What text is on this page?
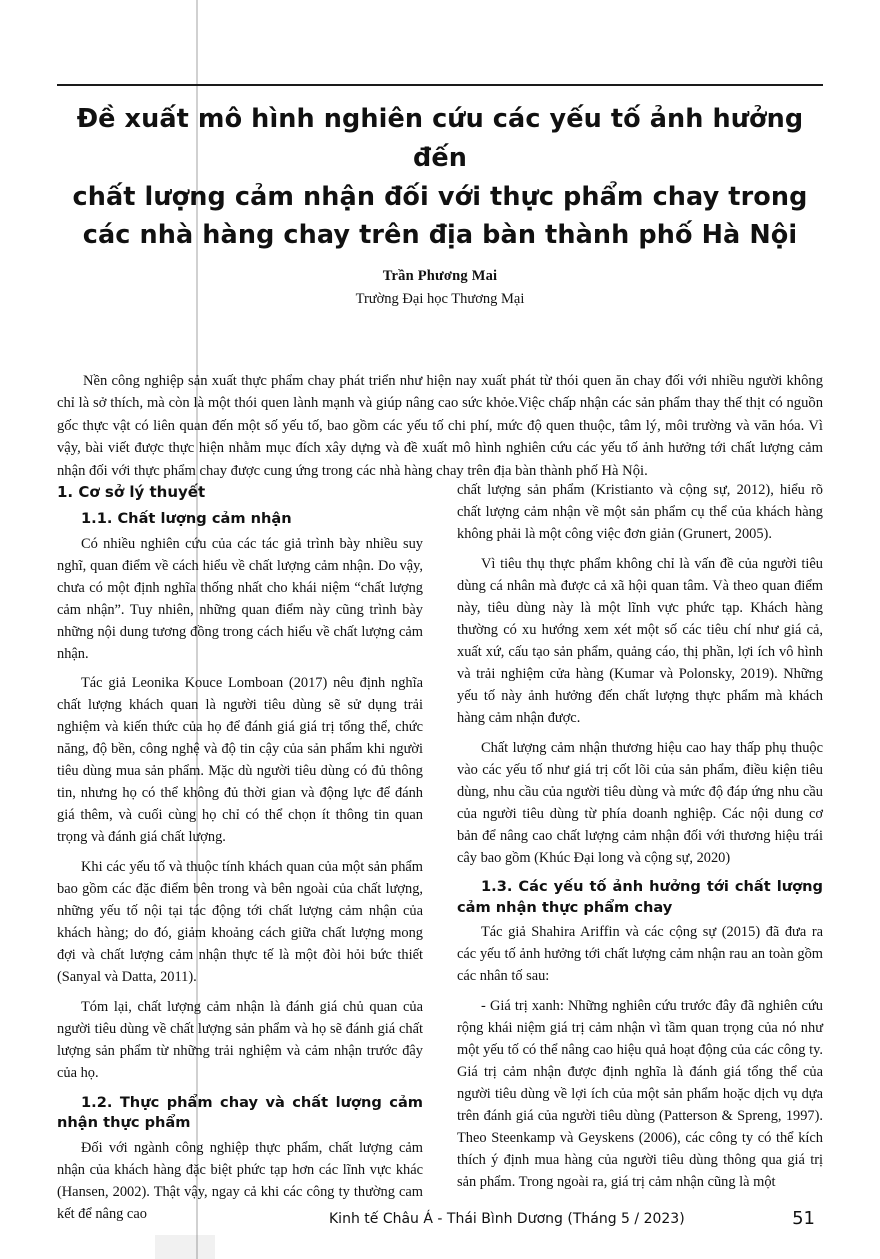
Đề xuất mô hình nghiên cứu các yếu tố ảnh hưởng đến
chất lượng cảm nhận đối với thực phẩm chay trong
các nhà hàng chay trên địa bàn thành phố Hà Nội
Trần Phương Mai
Trường Đại học Thương Mại
Nền công nghiệp sản xuất thực phẩm chay phát triển như hiện nay xuất phát từ thói quen ăn chay đối với nhiều người không chỉ là sở thích, mà còn là một thói quen lành mạnh và giúp nâng cao sức khỏe.Việc chấp nhận các sản phẩm thay thế thịt có nguồn gốc thực vật có liên quan đến một số yếu tố, bao gồm các yếu tố chi phí, mức độ quen thuộc, tâm lý, môi trường và văn hóa. Vì vậy, bài viết được thực hiện nhằm mục đích xây dựng và đề xuất mô hình nghiên cứu các yếu tố ảnh hưởng tới chất lượng cảm nhận đối với thực phẩm chay được cung ứng trong các nhà hàng chay trên địa bàn thành phố Hà Nội.
1. Cơ sở lý thuyết
1.1. Chất lượng cảm nhận

Có nhiều nghiên cứu của các tác giả trình bày nhiều suy nghĩ, quan điểm về cách hiểu về chất lượng cảm nhận. Do vậy, chưa có một định nghĩa thống nhất cho khái niệm “chất lượng cảm nhận”. Tuy nhiên, những quan điểm này cũng trình bày những nội dung tương đồng trong cách hiểu về chất lượng cảm nhận.

Tác giả Leonika Kouce Lomboan (2017) nêu định nghĩa chất lượng khách quan là người tiêu dùng sẽ sử dụng trải nghiệm và kiến thức của họ để đánh giá giá trị tổng thể, chức năng, độ bền, công nghệ và độ tin cậy của sản phẩm khi người tiêu dùng mua sản phẩm. Mặc dù người tiêu dùng có đủ thông tin, nhưng họ có thể không đủ thời gian và động lực để đánh giá thêm, và cuối cùng họ chỉ có thể chọn ít thông tin quan trọng và đánh giá chất lượng.

Khi các yếu tố và thuộc tính khách quan của một sản phẩm bao gồm các đặc điểm bên trong và bên ngoài của chất lượng, những yếu tố nội tại tác động tới chất lượng cảm nhận của khách hàng; do đó, giảm khoảng cách giữa chất lượng mong đợi và chất lượng cảm nhận thực tế là một đòi hỏi bức thiết (Sanyal và Datta, 2011).

Tóm lại, chất lượng cảm nhận là đánh giá chủ quan của người tiêu dùng về chất lượng sản phẩm và họ sẽ đánh giá chất lượng sản phẩm từ những trải nghiệm và cảm nhận trước đây của họ.

1.2. Thực phẩm chay và chất lượng cảm nhận thực phẩm

Đối với ngành công nghiệp thực phẩm, chất lượng cảm nhận của khách hàng đặc biệt phức tạp hơn các lĩnh vực khác (Hansen, 2002). Thật vậy, ngay cả khi các công ty thường cam kết để nâng cao

chất lượng sản phẩm (Kristianto và cộng sự, 2012), hiểu rõ chất lượng cảm nhận về một sản phẩm cụ thể của khách hàng không phải là một công việc đơn giản (Grunert, 2005).

Vì tiêu thụ thực phẩm không chỉ là vấn đề của người tiêu dùng cá nhân mà được cả xã hội quan tâm. Và theo quan điểm này, tiêu dùng này là một lĩnh vực phức tạp. Khách hàng thường có xu hướng xem xét một số các tiêu chí như giá cả, xuất xứ, cấu tạo sản phẩm, quảng cáo, thị phần, lợi ích vô hình và trải nghiệm cửa hàng (Kumar và Polonsky, 2019). Những yếu tố này ảnh hưởng đến chất lượng thực phẩm mà khách hàng cảm nhận được.

Chất lượng cảm nhận thương hiệu cao hay thấp phụ thuộc vào các yếu tố như giá trị cốt lõi của sản phẩm, điều kiện tiêu dùng, nhu cầu của người tiêu dùng và mức độ đáp ứng nhu cầu của người tiêu dùng từ phía doanh nghiệp. Các nội dung cơ bản để nâng cao chất lượng cảm nhận đối với thương hiệu trái cây bao gồm (Khúc Đại long và cộng sự, 2020)

1.3. Các yếu tố ảnh hưởng tới chất lượng cảm nhận thực phẩm chay

Tác giả Shahira Ariffin và các cộng sự (2015) đã đưa ra các yếu tố ảnh hưởng tới chất lượng cảm nhận rau an toàn gồm các nhân tố sau:

- Giá trị xanh: Những nghiên cứu trước đây đã nghiên cứu rộng khái niệm giá trị cảm nhận vì tầm quan trọng của nó như một yếu tố có thể nâng cao hiệu quả hoạt động của các công ty. Giá trị cảm nhận được định nghĩa là đánh giá tổng thể của người tiêu dùng về lợi ích của một sản phẩm hoặc dịch vụ dựa trên đánh giá của người tiêu dùng (Patterson & Spreng, 1997). Theo Steenkamp và Geyskens (2006), các công ty có thể kích thích ý định mua hàng của người tiêu dùng thông qua giá trị sản phẩm. Trong ngoài ra, giá trị cảm nhận cũng là một

Kinh tế Châu Á - Thái Bình Dương (Tháng 5 / 2023)	51
